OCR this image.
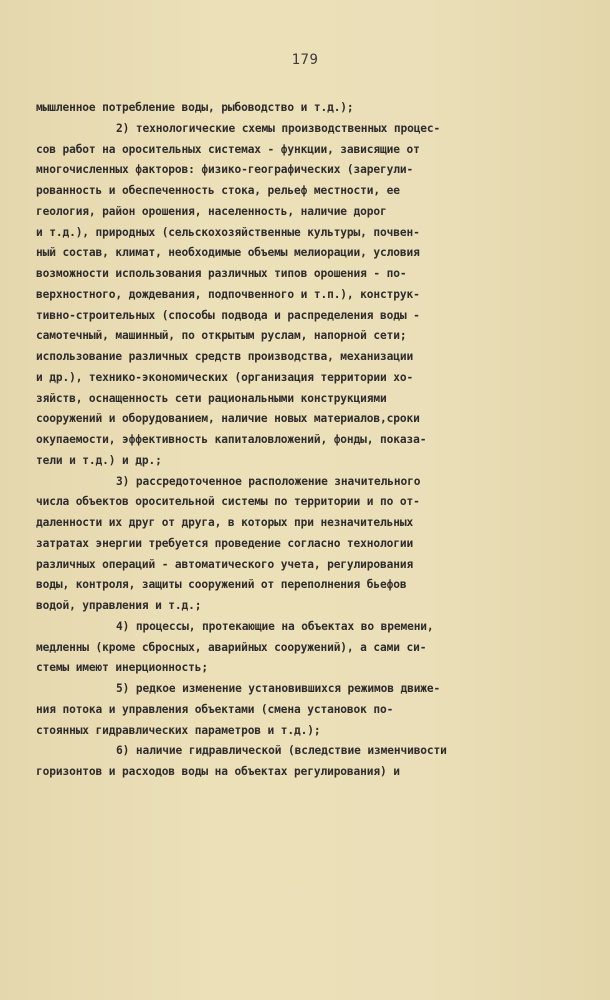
179
мышленное потребление воды, рыбоводство и т.д.);
2) технологические схемы производственных процес-
сов работ на оросительных системах - функции, зависящие от
многочисленных факторов: физико-географических (зарегули-
рованность и обеспеченность стока, рельеф местности, ее
геология, район орошения, населенность, наличие дорог
и т.д.), природных (сельскохозяйственные культуры, почвен-
ный состав, климат, необходимые объемы мелиорации, условия
возможности использования различных типов орошения - по-
верхностного, дождевания, подпочвенного и т.п.), конструк-
тивно-строительных (способы подвода и распределения воды -
самотечный, машинный, по открытым руслам, напорной сети;
использование различных средств производства, механизации
и др.), технико-экономических (организация территории хо-
зяйств, оснащенность сети рациональными конструкциями
сооружений и оборудованием, наличие новых материалов,сроки
окупаемости, эффективность капиталовложений, фонды, показа-
тели и т.д.) и др.;
3) рассредоточенное расположение значительного
числа объектов оросительной системы по территории и по от-
даленности их друг от друга, в которых при незначительных
затратах энергии требуется проведение согласно технологии
различных операций - автоматического учета, регулирования
воды, контроля, защиты сооружений от переполнения бьефов
водой, управления и т.д.;
4) процессы, протекающие на объектах во времени,
медленны (кроме сбросных, аварийных сооружений), а сами си-
стемы имеют инерционность;
5) редкое изменение установившихся режимов движе-
ния потока и управления объектами (смена установок по-
стоянных гидравлических параметров и т.д.);
6) наличие гидравлической (вследствие изменчивости
горизонтов и расходов воды на объектах регулирования) и
